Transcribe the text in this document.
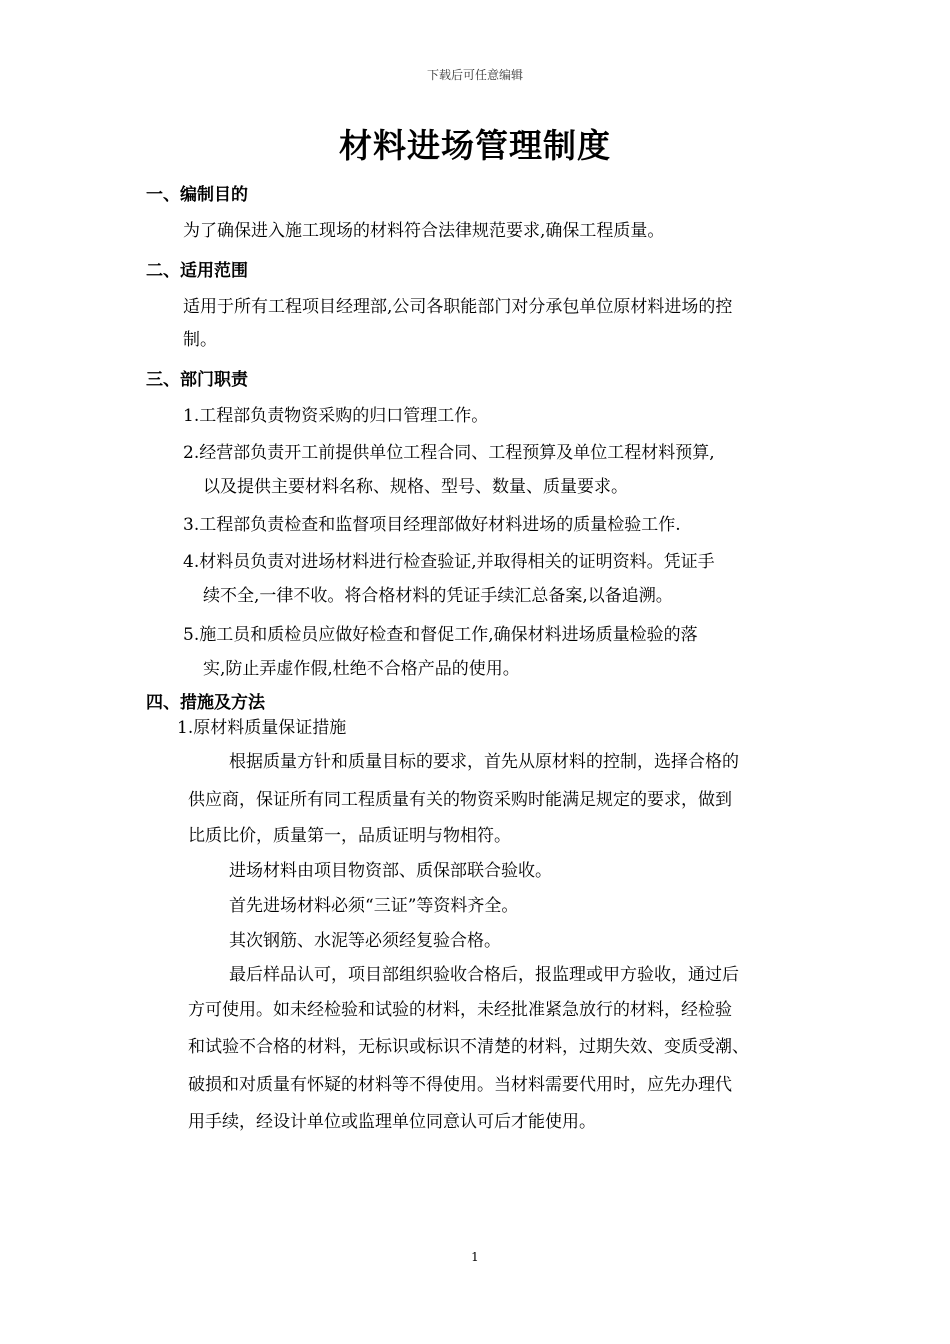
下载后可任意编辑
材料进场管理制度
一、编制目的
为了确保进入施工现场的材料符合法律规范要求,确保工程质量。
二、适用范围
适用于所有工程项目经理部,公司各职能部门对分承包单位原材料进场的控
制。
三、部门职责
1.工程部负责物资采购的归口管理工作。
2.经营部负责开工前提供单位工程合同、工程预算及单位工程材料预算,
以及提供主要材料名称、规格、型号、数量、质量要求。
3.工程部负责检查和监督项目经理部做好材料进场的质量检验工作.
4.材料员负责对进场材料进行检查验证,并取得相关的证明资料。凭证手
续不全,一律不收。将合格材料的凭证手续汇总备案,以备追溯。
5.施工员和质检员应做好检查和督促工作,确保材料进场质量检验的落
实,防止弄虚作假,杜绝不合格产品的使用。
四、措施及方法
1.原材料质量保证措施
根据质量方针和质量目标的要求，首先从原材料的控制，选择合格的
供应商，保证所有同工程质量有关的物资采购时能满足规定的要求，做到
比质比价，质量第一，品质证明与物相符。
进场材料由项目物资部、质保部联合验收。
首先进场材料必须“三证”等资料齐全。
其次钢筋、水泥等必须经复验合格。
最后样品认可，项目部组织验收合格后，报监理或甲方验收，通过后
方可使用。如未经检验和试验的材料，未经批准紧急放行的材料，经检验
和试验不合格的材料，无标识或标识不清楚的材料，过期失效、变质受潮、
破损和对质量有怀疑的材料等不得使用。当材料需要代用时，应先办理代
用手续，经设计单位或监理单位同意认可后才能使用。
1
